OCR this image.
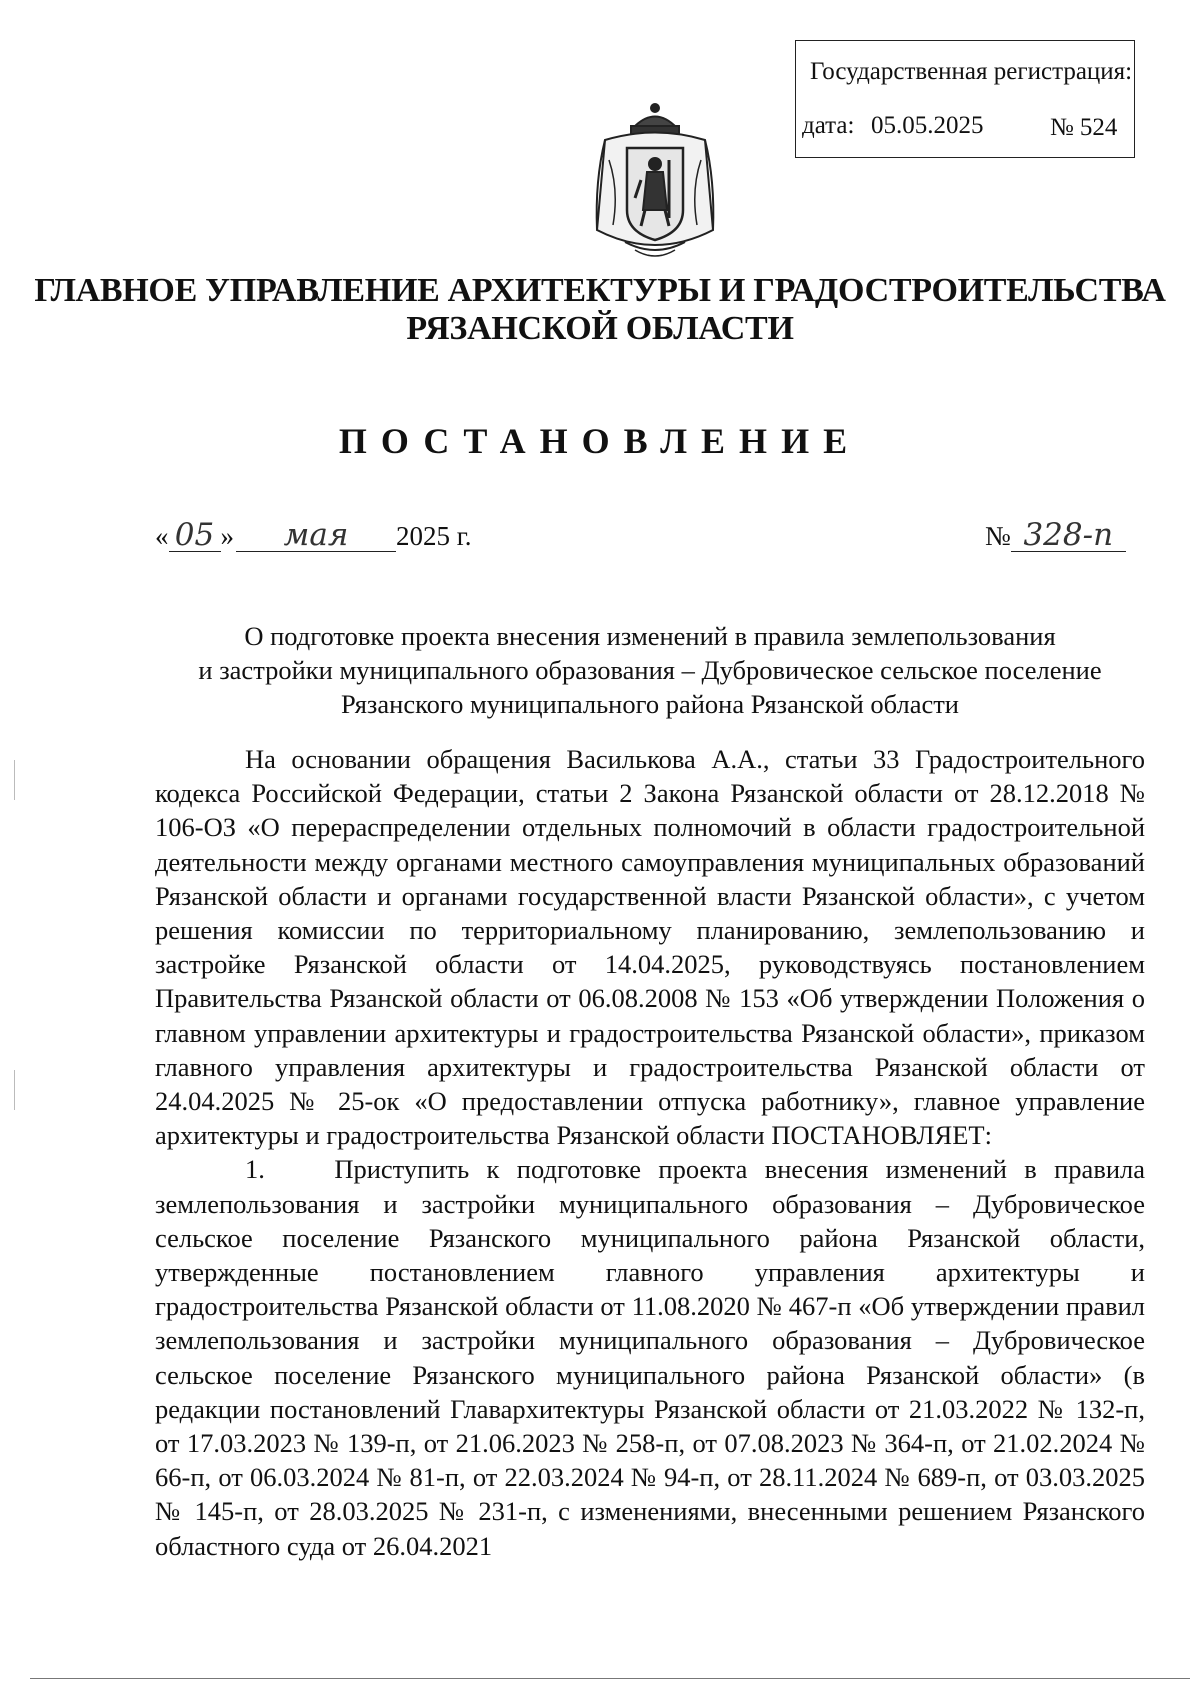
Государственная регистрация:
дата: 05.05.2025	№ 524
ГЛАВНОЕ УПРАВЛЕНИЕ АРХИТЕКТУРЫ И ГРАДОСТРОИТЕЛЬСТВА
РЯЗАНСКОЙ ОБЛАСТИ
ПОСТАНОВЛЕНИЕ
« 05 » мая 2025 г.	№ 328-п
О подготовке проекта внесения изменений в правила землепользования
и застройки муниципального образования – Дубровическое сельское поселение
Рязанского муниципального района Рязанской области

На основании обращения Василькова А.А., статьи 33 Градостроительного кодекса Российской Федерации, статьи 2 Закона Рязанской области от 28.12.2018 № 106-ОЗ «О перераспределении отдельных полномочий в области градостроительной деятельности между органами местного самоуправления муниципальных образований Рязанской области и органами государственной власти Рязанской области», с учетом решения комиссии по территориальному планированию, землепользованию и застройке Рязанской области от 14.04.2025, руководствуясь постановлением Правительства Рязанской области от 06.08.2008 № 153 «Об утверждении Положения о главном управлении архитектуры и градостроительства Рязанской области», приказом главного управления архитектуры и градостроительства Рязанской области от 24.04.2025 № 25-ок «О предоставлении отпуска работнику», главное управление архитектуры и градостроительства Рязанской области ПОСТАНОВЛЯЕТ:

1.	Приступить к подготовке проекта внесения изменений в правила землепользования и застройки муниципального образования – Дубровическое сельское поселение Рязанского муниципального района Рязанской области, утвержденные постановлением главного управления архитектуры и градостроительства Рязанской области от 11.08.2020 № 467-п «Об утверждении правил землепользования и застройки муниципального образования – Дубровическое сельское поселение Рязанского муниципального района Рязанской области» (в редакции постановлений Главархитектуры Рязанской области от 21.03.2022 № 132-п, от 17.03.2023 № 139-п, от 21.06.2023 № 258-п, от 07.08.2023 № 364-п, от 21.02.2024 № 66-п, от 06.03.2024 № 81-п, от 22.03.2024 № 94-п, от 28.11.2024 № 689-п, от 03.03.2025 № 145-п, от 28.03.2025 № 231-п, с изменениями, внесенными решением Рязанского областного суда от 26.04.2021
